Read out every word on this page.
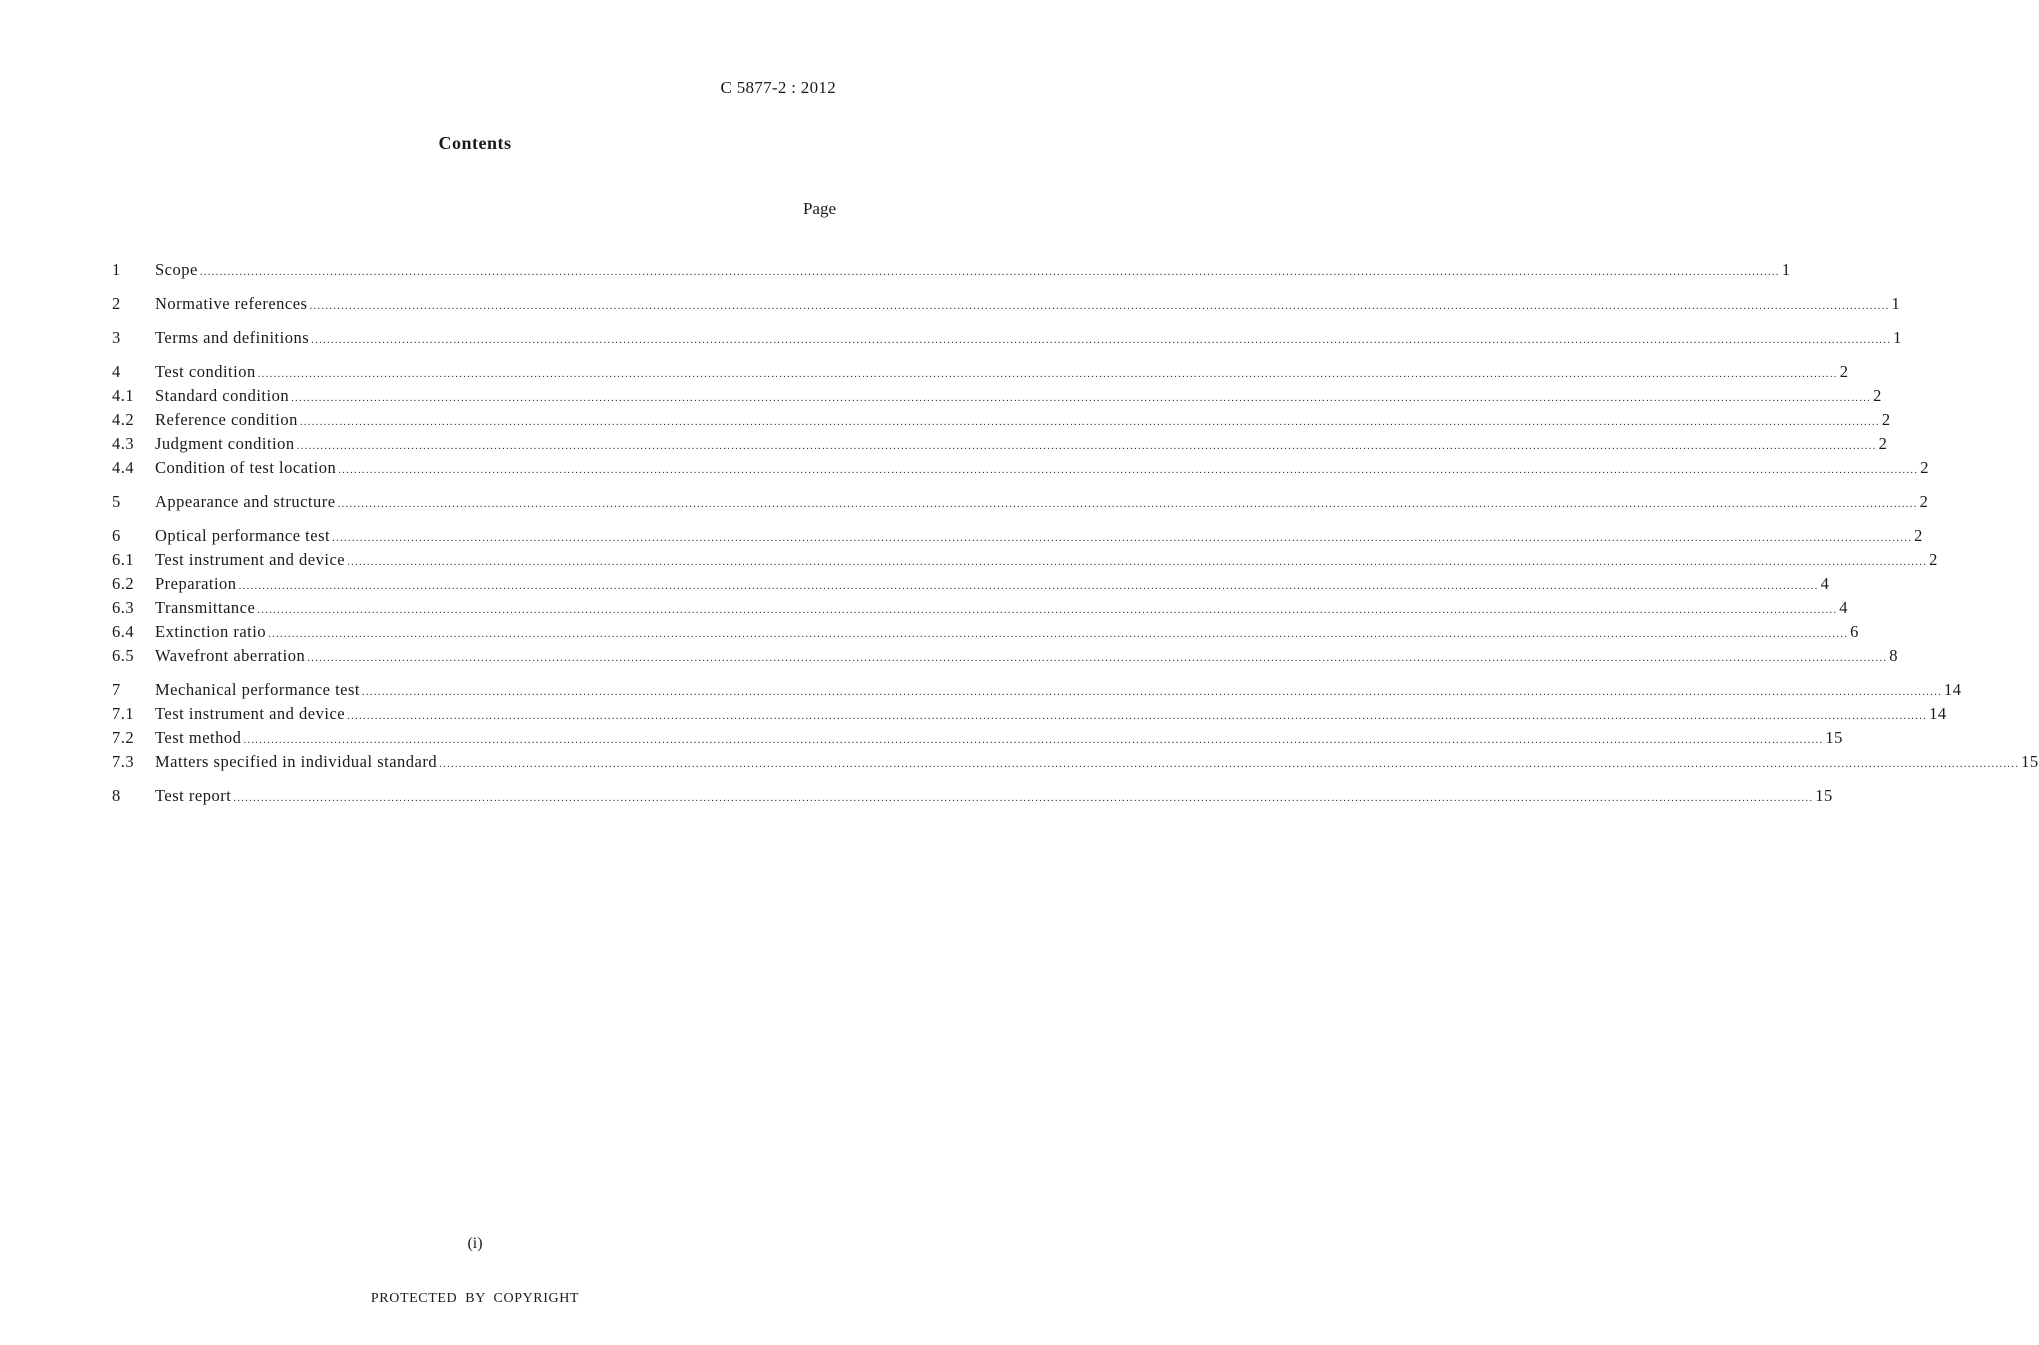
C 5877-2 : 2012
Contents
Page
1	Scope ................................................................................................................................................................................................................................................................................................................................................................................................................ 1
2	Normative references ................................................................................................................................................................................................................................................................................................................................................................................................................ 1
3	Terms and definitions ................................................................................................................................................................................................................................................................................................................................................................................................................ 1
4	Test condition ................................................................................................................................................................................................................................................................................................................................................................................................................ 2
4.1	Standard condition ................................................................................................................................................................................................................................................................................................................................................................................................................ 2
4.2	Reference condition ................................................................................................................................................................................................................................................................................................................................................................................................................ 2
4.3	Judgment condition ................................................................................................................................................................................................................................................................................................................................................................................................................ 2
4.4	Condition of test location ................................................................................................................................................................................................................................................................................................................................................................................................................ 2
5	Appearance and structure ................................................................................................................................................................................................................................................................................................................................................................................................................ 2
6	Optical performance test ................................................................................................................................................................................................................................................................................................................................................................................................................ 2
6.1	Test instrument and device ................................................................................................................................................................................................................................................................................................................................................................................................................ 2
6.2	Preparation ................................................................................................................................................................................................................................................................................................................................................................................................................ 4
6.3	Transmittance ................................................................................................................................................................................................................................................................................................................................................................................................................ 4
6.4	Extinction ratio ................................................................................................................................................................................................................................................................................................................................................................................................................ 6
6.5	Wavefront aberration ................................................................................................................................................................................................................................................................................................................................................................................................................ 8
7	Mechanical performance test ................................................................................................................................................................................................................................................................................................................................................................................................................ 14
7.1	Test instrument and device ................................................................................................................................................................................................................................................................................................................................................................................................................ 14
7.2	Test method ................................................................................................................................................................................................................................................................................................................................................................................................................ 15
7.3	Matters specified in individual standard ................................................................................................................................................................................................................................................................................................................................................................................................................ 15
8	Test report ................................................................................................................................................................................................................................................................................................................................................................................................................ 15
(i)
PROTECTED BY COPYRIGHT
